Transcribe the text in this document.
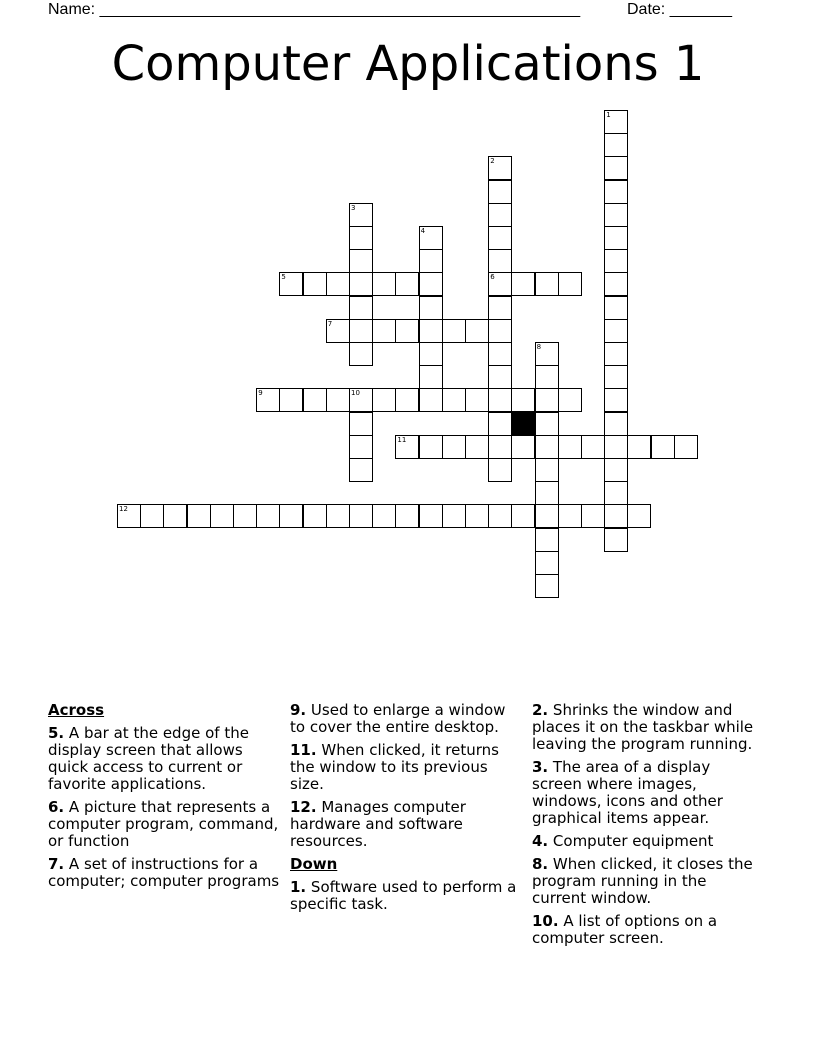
Name: ______________________________________________________	Date: _______
Computer Applications 1
1
2
6
3
4
5
7
8
9	10
11
12
Across
5. A bar at the edge of the display screen that allows quick access to current or favorite applications.
6. A picture that represents a computer program, command, or function
7. A set of instructions for a computer; computer programs
9. Used to enlarge a window to cover the entire desktop.
11. When clicked, it returns the window to its previous size.
12. Manages computer hardware and software resources.
Down
1. Software used to perform a specific task.
2. Shrinks the window and places it on the taskbar while leaving the program running.
3. The area of a display screen where images, windows, icons and other graphical items appear.
4. Computer equipment
8. When clicked, it closes the program running in the current window.
10. A list of options on a computer screen.
